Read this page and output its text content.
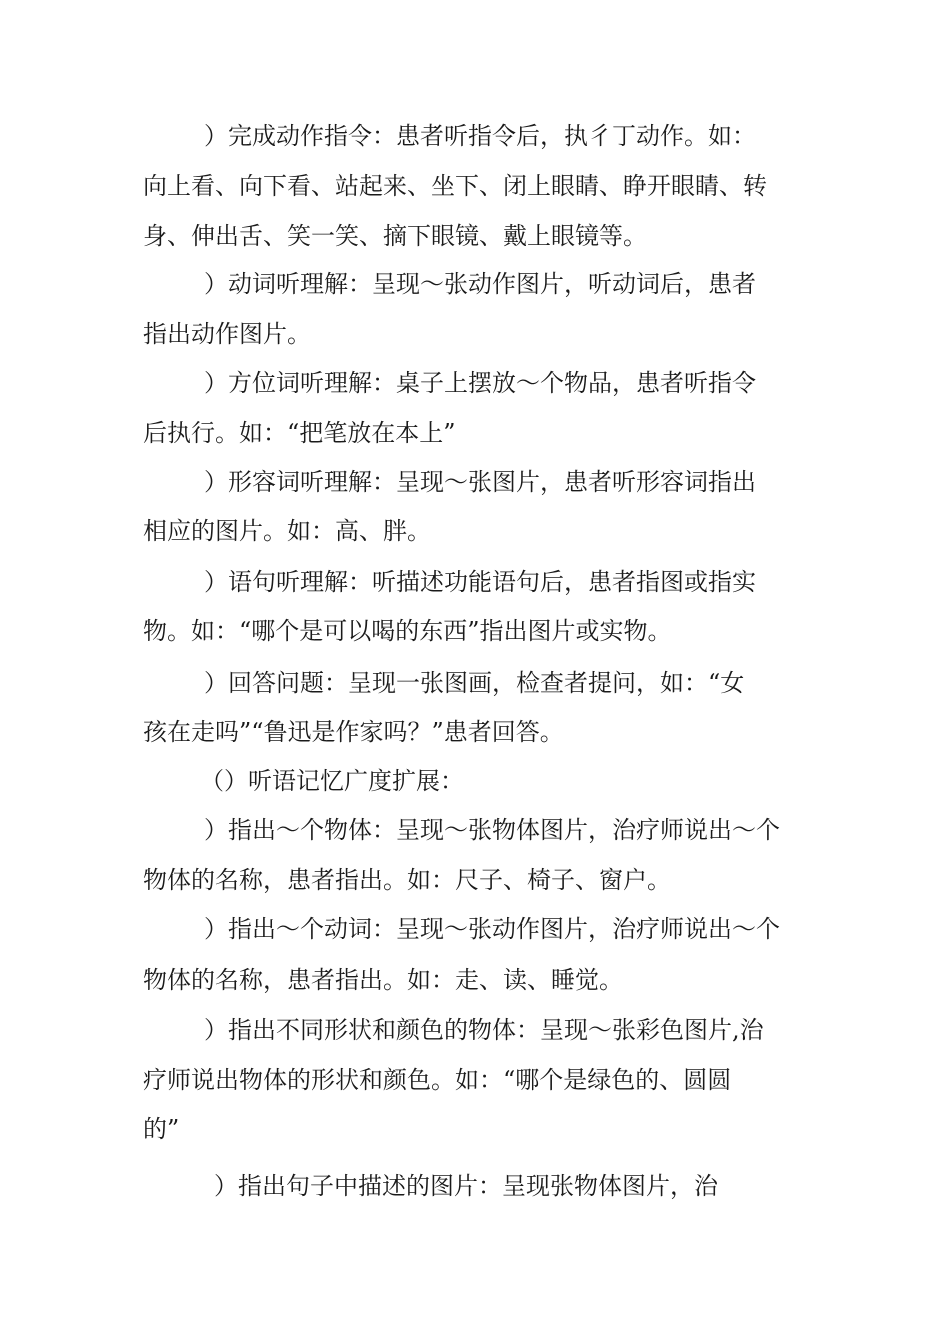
）完成动作指令：患者听指令后，执彳丁动作。如：
向上看、向下看、站起来、坐下、闭上眼睛、睁开眼睛、转
身、伸出舌、笑一笑、摘下眼镜、戴上眼镜等。
）动词听理解：呈现〜张动作图片，听动词后，患者
指出动作图片。
）方位词听理解：桌子上摆放〜个物品，患者听指令
后执行。如：“把笔放在本上”
）形容词听理解：呈现〜张图片，患者听形容词指出
相应的图片。如：高、胖。
）语句听理解：听描述功能语句后，患者指图或指实
物。如：“哪个是可以喝的东西”指出图片或实物。
）回答问题：呈现一张图画，检查者提问，如：“女
孩在走吗”“鲁迅是作家吗？”患者回答。
（）听语记忆广度扩展：
）指出〜个物体：呈现〜张物体图片，治疗师说出〜个
物体的名称，患者指出。如：尺子、椅子、窗户。
）指出〜个动词：呈现〜张动作图片，治疗师说出〜个
物体的名称，患者指出。如：走、读、睡觉。
）指出不同形状和颜色的物体：呈现〜张彩色图片,治
疗师说出物体的形状和颜色。如：“哪个是绿色的、圆圆
的”
）指出句子中描述的图片：呈现张物体图片，治
